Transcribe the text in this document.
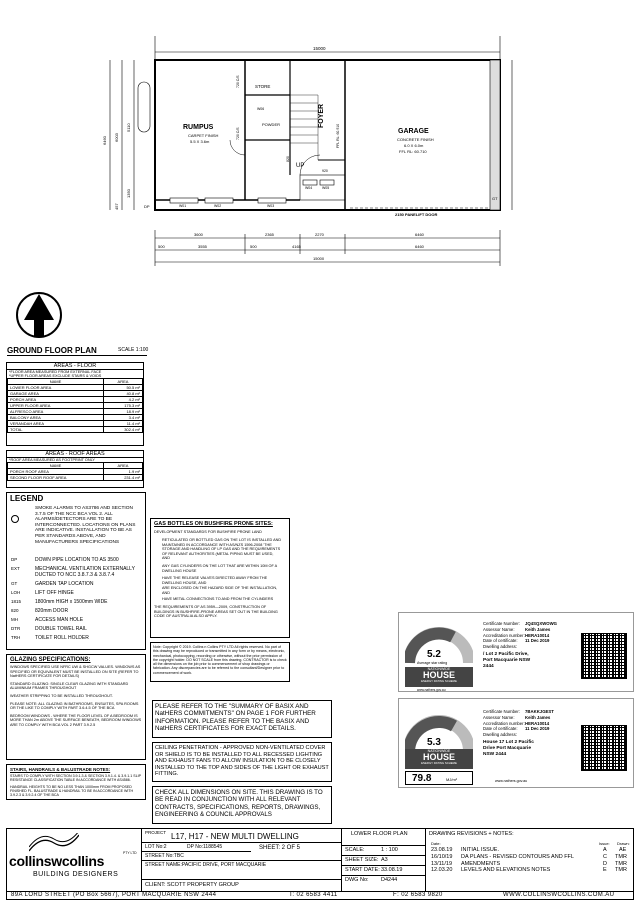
15000
RUMPUS
CARPET FINISH
5.5 X 3.6m
GARAGE
CONCRETE FINISH
6.0 X 6.0m
FFL RL: 60.710
FOYER
FFL RL: 60.910
STORE
POWDER
UP
DP
2150 PANELIFT DOOR
GT
W01	W02	W03
W04	W05
W06
720 C/S
720 C/S
820
920
3600	2365	2270	6460
500	3555	500	4165	6460
15000
6460 6003
5110
1350
457
GROUND FLOOR PLAN	SCALE 1:100
AREAS - FLOOR
*FLOOR AREA MEASURED FROM EXTERNAL FACE
*UPPER FLOOR AREAS EXCLUDE STAIRS & VOIDS
NAME	AREA
LOWER FLOOR AREA	50.5 m²
GARAGE AREA	40.8 m²
PORCH AREA	4.2 m²
UPPER FLOOR AREA	175.3 m²
ALFRESCO AREA	18.9 m²
BALCONY AREA	3.4 m²
VERANDAH AREA	11.4 m²
TOTAL	302.4 m²
AREAS - ROOF AREAS
*ROOF AREA MEASURED AS FOOTPRINT ONLY
NAME	AREA
PORCH ROOF AREA	1.9 m²
SECOND FLOOR ROOF AREA	231.4 m²
LEGEND
SMOKE ALARMS TO AS3786 AND SECTION 3.7.5 OF THE NCC BCA VOL 2. ALL ALARMS/DETECTORS ARE TO BE INTERCONNECTED. LOCATIONS ON PLANS ARE INDICATIVE. INSTALLATION TO BE AS PER STANDARDS ABOVE, AND MANUFACTURERS SPECIFICATIONS
DP	DOWN PIPE LOCATION TO AS 3500
EXT	MECHANICAL VENTILATION EXTERNALLY DUCTED TO NCC 3.8.7.3 & 3.8.7.4
GT	GARDEN TAP LOCATION
LOH	LIFT OFF HINGE
1815	1800mm HIGH x 1500mm WIDE
820	820mm DOOR
MH	ACCESS MAN HOLE
DTR	DOUBLE TOWEL RAIL
TRH	TOILET ROLL HOLDER
GLAZING SPECIFICATIONS:
WINDOWS SPECIFIED USE NFRC UW & SHGCW VALUES. WINDOWS AS SPECIFIED OR EQUIVALENT MUST BE INSTALLED ON SITE (REFER TO NatHERS CERTIFICATE FOR DETAILS)
STANDARD GLAZING: SINGLE CLEAR GLAZING WITH STANDARD ALUMINIUM FRAMES THROUGHOUT
WEATHER STRIPPING TO BE INSTALLED THROUGHOUT.
PLEASE NOTE: ALL GLAZING IN BATHROOMS, ENSUITES, SPA ROOMS OR THE LIKE TO COMPLY WITH PART 3.6.4.5 OF THE BCA
BEDROOM WINDOWS - WHERE THE FLOOR LEVEL OF A BEDROOM IS MORE THAN 2m ABOVE THE SURFACE BENEATH, BEDROOM WINDOWS ARE TO COMPLY WITH BCA VOL 2 PART 3.9.2.5
STAIRS, HANDRAILS & BALUSTRADE NOTES:
STAIRS TO COMPLY WITH SECTION 3.9.1.3 & SECTION 3.9.1.4. & 3.9.1.1 SLIP RESISTANCE CLASSIFICATION TABLE IN ACCORDANCE WITH AS4586.
HANDRAIL HEIGHTS TO BE NO LESS THAN 1000mm FROM PROPOSED FINISHED FL. BALUSTRADE & HANDRAIL TO BE IN ACCORDANCE WITH 3.9.2.3 & 3.9.2.4 OF THE BCA
GAS BOTTLES ON BUSHFIRE PRONE SITES:
DEVELOPMENT STANDARDS FOR BUSHFIRE PRONE LAND
RETICULATED OR BOTTLED GAS ON THE LOT IS INSTALLED AND MAINTAINED IN ACCORDANCE WITH AS/NZS 1596-2008 'THE STORAGE AND HANDLING OF LP GAS AND THE REQUIREMENTS OF RELEVANT AUTHORITIES (METAL PIPING MUST BE USED, AND
ANY GAS CYLINDERS ON THE LOT THAT ARE WITHIN 10M OF A DWELLING HOUSE
HAVE THE RELEASE VALVES DIRECTED AWAY FROM THE DWELLING HOUSE, AND
ARE ENCLOSED ON THE HAZARD SIDE OF THE INSTALLATION, AND
HAVE METAL CONNECTIONS TO AND FROM THE CYLINDERS
THE REQUIREMENTS OF AS 3959—2009, CONSTRUCTION OF BUILDINGS IN BUSHFIRE-PRONE AREAS SET OUT IN THE BUILDING CODE OF AUSTRALIA ALSO APPLY.
Note: Copyright © 2019. Collins n Collins PTY LTD All rights reserved. No part of this drawing may be reproduced or transmitted in any form or by means, electronic, mechanical, photocopying, recording or otherwise, without the prior permission of the copyright holder. DO NOT SCALE from this drawing. CONTRACTOR is to check all the dimensions on the job prior to commencement of shop drawings or fabrication. Any discrepancies are to be referred to the consultant/Designer prior to commencement of work.
PLEASE REFER TO THE "SUMMARY OF BASIX AND NatHERS COMMITMENTS" ON PAGE 1 FOR FURTHER INFORMATION. PLEASE REFER TO THE BASIX AND NatHERS CERTIFICATES FOR EXACT DETAILS.
CEILING PENETRATION - APPROVED NON-VENTILATED COVER OR SHIELD IS TO BE INSTALLED TO ALL RECESSED LIGHTING AND EXHAUST FANS TO ALLOW INSULATION TO BE CLOSELY INSTALLED TO THE TOP AND SIDES OF THE LIGHT OR EXHAUST FITTING.
CHECK ALL DIMENSIONS ON SITE. THIS DRAWING IS TO BE READ IN CONJUNCTION WITH ALL RELEVANT CONTRACTS, SPECIFICATIONS, REPORTS, DRAWINGS, ENGINEERING & COUNCIL APPROVALS
5.2
Average star rating
NATIONWIDE
HOUSE
ENERGY RATING SCHEME
www.nathers.gov.au
Certificate Number:
Assessor Name:
Accreditation number:
Date of certificate:
Dwelling address:
JQ4SQXWOWG
Keith James
HERA10014
11 Dec 2019
/ Lot 2 Pacific Drive,
Port Macquarie NSW
2444
5.3
NATIONWIDE
HOUSE
ENERGY RATING SCHEME
79.8	MJ/m²
Certificate Number:
Assessor Name:
Accreditation number:
Date of certificate:
Dwelling address:
7BAKKJGEST
Keith James
HERA10014
11 Dec 2019
House 17 Lot 2 Pacific
Drive Port Macquarie
NSW 2444
www.nathers.gov.au
collinswcollins	PTY LTD
BUILDING DESIGNERS
PROJECT L17, H17 - NEW MULTI DWELLING
LOT No:2	DP No:1188545	SHEET: 2 OF 5
STREET No:TBC
STREET NAME:PACIFIC DRIVE, PORT MACQUARIE
CLIENT: SCOTT PROPERTY GROUP
LOWER FLOOR PLAN
SCALE:	1 : 100
SHEET SIZE: A3
START DATE: 33.08.19
DWG No: D4244
DRAWING REVISIONS + NOTES:
Date:	Issue: Drawn:
23.08.19 INITIAL ISSUE.	A AE
16/10/19 DA PLANS - REVISED CONTOURS AND FFL	C TMR
13/11/19 AMENDMENTS	D TMR
12.03.20 LEVELS AND ELEVATIONS NOTES	E TMR
89A LORD STREET (PO Box 5667), PORT MACQUARIE NSW 2444	T: 02 6583 4411	F: 02 6583 9820	WWW.COLLINSWCOLLINS.COM.AU
